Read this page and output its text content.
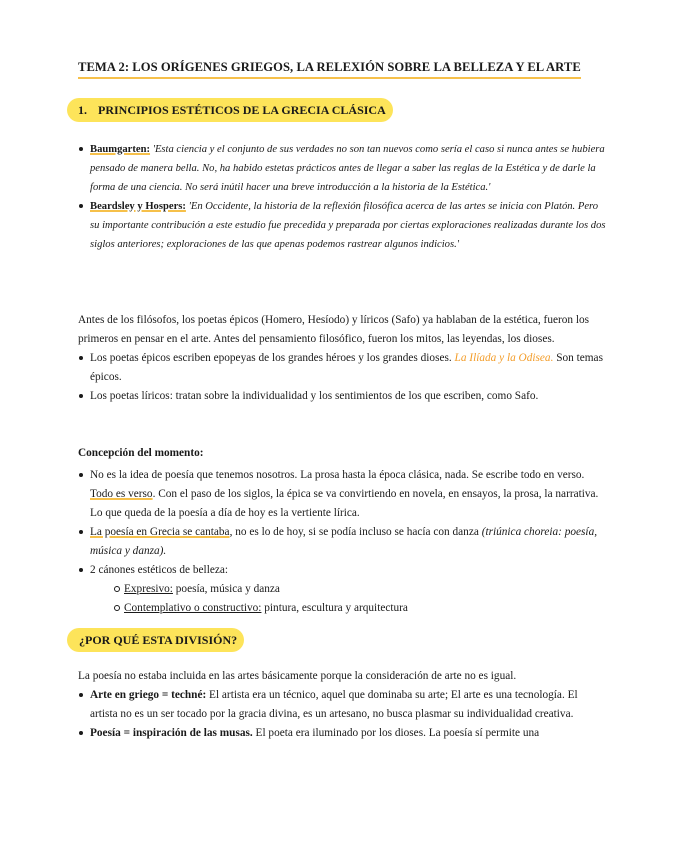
TEMA 2: LOS ORÍGENES GRIEGOS, LA RELEXIÓN SOBRE LA BELLEZA Y EL ARTE
1. PRINCIPIOS ESTÉTICOS DE LA GRECIA CLÁSICA
Baumgarten: 'Esta ciencia y el conjunto de sus verdades no son tan nuevos como sería el caso si nunca antes se hubiera pensado de manera bella. No, ha habido estetas prácticos antes de llegar a saber las reglas de la Estética y de darle la forma de una ciencia. No será inútil hacer una breve introducción a la historia de la Estética.'
Beardsley y Hospers: 'En Occidente, la historia de la reflexión filosófica acerca de las artes se inicia con Platón. Pero su importante contribución a este estudio fue precedida y preparada por ciertas exploraciones realizadas durante los dos siglos anteriores; exploraciones de las que apenas podemos rastrear algunos indicios.'
Antes de los filósofos, los poetas épicos (Homero, Hesíodo) y líricos (Safo) ya hablaban de la estética, fueron los primeros en pensar en el arte. Antes del pensamiento filosófico, fueron los mitos, las leyendas, los dioses.
Los poetas épicos escriben epopeyas de los grandes héroes y los grandes dioses. La Ilíada y la Odisea. Son temas épicos.
Los poetas líricos: tratan sobre la individualidad y los sentimientos de los que escriben, como Safo.
Concepción del momento:
No es la idea de poesía que tenemos nosotros. La prosa hasta la época clásica, nada. Se escribe todo en verso. Todo es verso. Con el paso de los siglos, la épica se va convirtiendo en novela, en ensayos, la prosa, la narrativa. Lo que queda de la poesía a día de hoy es la vertiente lírica.
La poesía en Grecia se cantaba, no es lo de hoy, si se podía incluso se hacía con danza (triúnica choreia: poesía, música y danza).
2 cánones estéticos de belleza:
Expresivo: poesía, música y danza
Contemplativo o constructivo: pintura, escultura y arquitectura
¿POR QUÉ ESTA DIVISIÓN?
La poesía no estaba incluida en las artes básicamente porque la consideración de arte no es igual.
Arte en griego = techné: El artista era un técnico, aquel que dominaba su arte; El arte es una tecnología. El artista no es un ser tocado por la gracia divina, es un artesano, no busca plasmar su individualidad creativa.
Poesía = inspiración de las musas. El poeta era iluminado por los dioses. La poesía sí permite una
